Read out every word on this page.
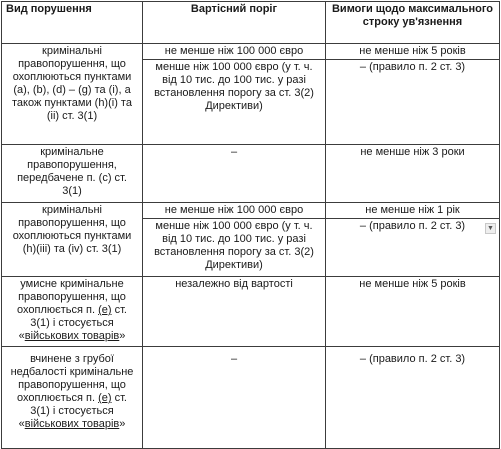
Вид порушення	Вартісний поріг	Вимоги щодо максимального строку ув'язнення
кримінальні правопорушення, що охоплюються пунктами (a), (b), (d) – (g) та (i), а також пунктами (h)(i) та (ii) ст. 3(1)	не менше ніж 100 000 євро	не менше ніж 5 років
	менше ніж 100 000 євро (у т. ч. від 10 тис. до 100 тис. у разі встановлення порогу за ст. 3(2) Директиви)	– (правило п. 2 ст. 3)
кримінальне правопорушення, передбачене п. (c) ст. 3(1)	–	не менше ніж 3 роки
кримінальні правопорушення, що охоплюються пунктами (h)(iii) та (iv) ст. 3(1)	не менше ніж 100 000 євро	не менше ніж 1 рік
	менше ніж 100 000 євро (у т. ч. від 10 тис. до 100 тис. у разі встановлення порогу за ст. 3(2) Директиви)	– (правило п. 2 ст. 3) ▼

умисне кримінальне правопорушення, що охоплюється п. (e) ст. 3(1) і стосується «військових товарів»	незалежно від вартості	не менше ніж 5 років
вчинене з грубої недбалості кримінальне правопорушення, що охоплюється п. (e) ст. 3(1) і стосується «військових товарів»	–	– (правило п. 2 ст. 3)
